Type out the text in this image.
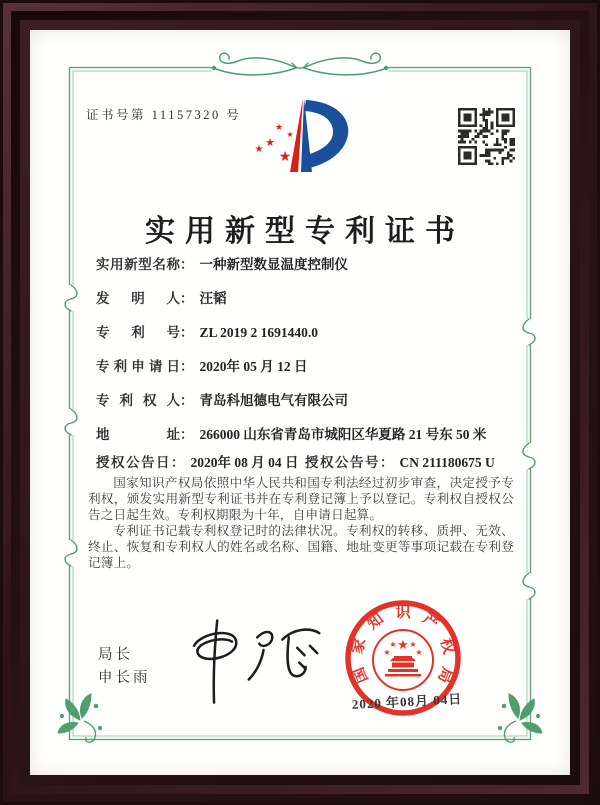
证书号第 11157320 号
★
★
★
★ ★
实用新型专利证书
实用新型名称： 一种新型数显温度控制仪
发明人： 汪韬
专利号： ZL 2019 2 1691440.0
专利申请日： 2020年 05 月 12 日
专利权人： 青岛科旭德电气有限公司
地址： 266000 山东省青岛市城阳区华夏路 21 号东 50 米
授权公告日： 2020年 08 月 04 日 授权公告号： CN 211180675 U

国家知识产权局依照中华人民共和国专利法经过初步审查，决定授予专利权，颁发实用新型专利证书并在专利登记簿上予以登记。专利权自授权公告之日起生效。专利权期限为十年，自申请日起算。

专利证书记载专利权登记时的法律状况。专利权的转移、质押、无效、终止、恢复和专利权人的姓名或名称、国籍、地址变更等事项记载在专利登记簿上。

局长
申长雨	国
家
知 识 产
权
局
★
★	★
★ ★
2020 年08月 04日
